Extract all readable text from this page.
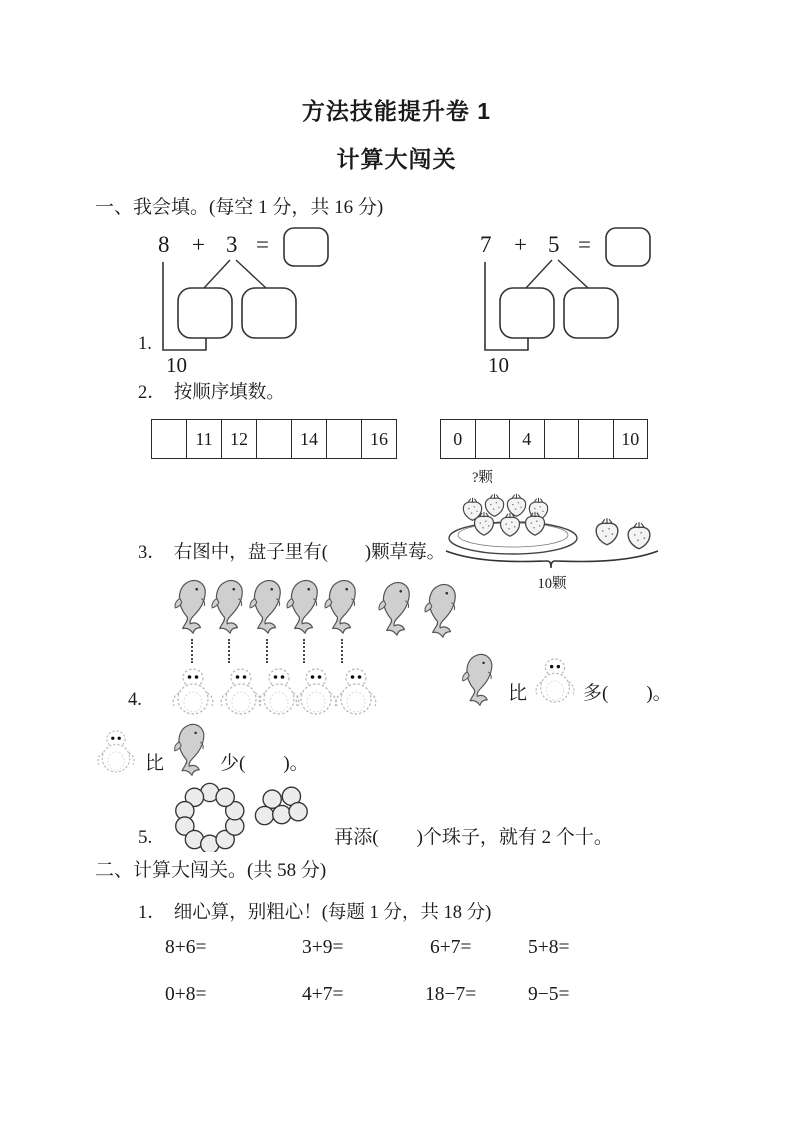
方法技能提升卷 1
计算大闯关
一、我会填。(每空 1 分，共 16 分)
1.
8 + 3 =
10
7 + 5 =
10
2． 按顺序填数。
11 12	14	16	0	4	10
?颗
10颗
3． 右图中，盘子里有(　　)颗草莓。
4.	比	多(　　)。
比	少(　　)。
5.	再添(　　)个珠子，就有 2 个十。
二、计算大闯关。(共 58 分)
1． 细心算，别粗心！(每题 1 分，共 18 分)
8+6=	3+9=	6+7=	5+8=
0+8=	4+7=	18−7=	9−5=
